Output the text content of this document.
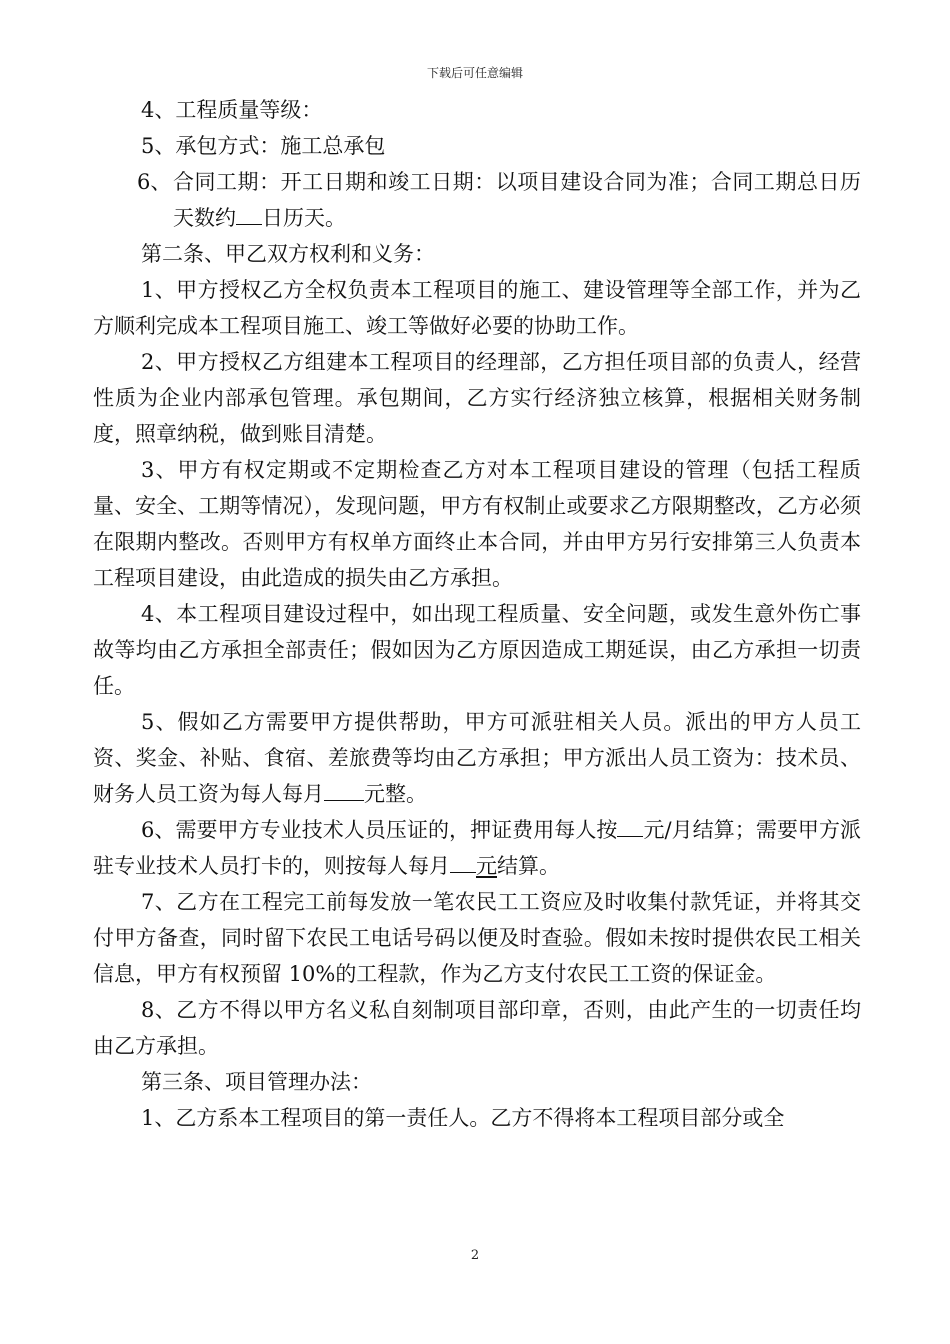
下载后可任意编辑

4、工程质量等级：

5、承包方式：施工总承包

6、 合同工期：开工日期和竣工日期：以项目建设合同为准；合同工期总日历天数约 日历天。

第二条、甲乙双方权利和义务：

1、甲方授权乙方全权负责本工程项目的施工、建设管理等全部工作，并为乙方顺利完成本工程项目施工、竣工等做好必要的协助工作。

2、甲方授权乙方组建本工程项目的经理部，乙方担任项目部的负责人，经营性质为企业内部承包管理。承包期间，乙方实行经济独立核算，根据相关财务制度，照章纳税，做到账目清楚。

3、甲方有权定期或不定期检查乙方对本工程项目建设的管理（包括工程质量、安全、工期等情况），发现问题，甲方有权制止或要求乙方限期整改，乙方必须在限期内整改。否则甲方有权单方面终止本合同，并由甲方另行安排第三人负责本工程项目建设，由此造成的损失由乙方承担。

4、本工程项目建设过程中，如出现工程质量、安全问题，或发生意外伤亡事故等均由乙方承担全部责任；假如因为乙方原因造成工期延误，由乙方承担一切责任。

5、假如乙方需要甲方提供帮助，甲方可派驻相关人员。派出的甲方人员工资、奖金、补贴、食宿、差旅费等均由乙方承担；甲方派出人员工资为：技术员、财务人员工资为每人每月 元整。

6、需要甲方专业技术人员压证的，押证费用每人按 元/月结算；需要甲方派驻专业技术人员打卡的，则按每人每月 元结算。

7、乙方在工程完工前每发放一笔农民工工资应及时收集付款凭证，并将其交付甲方备查，同时留下农民工电话号码以便及时查验。假如未按时提供农民工相关信息，甲方有权预留 10%的工程款，作为乙方支付农民工工资的保证金。

8、乙方不得以甲方名义私自刻制项目部印章，否则，由此产生的一切责任均由乙方承担。

第三条、项目管理办法：

1、乙方系本工程项目的第一责任人。乙方不得将本工程项目部分或全

2
